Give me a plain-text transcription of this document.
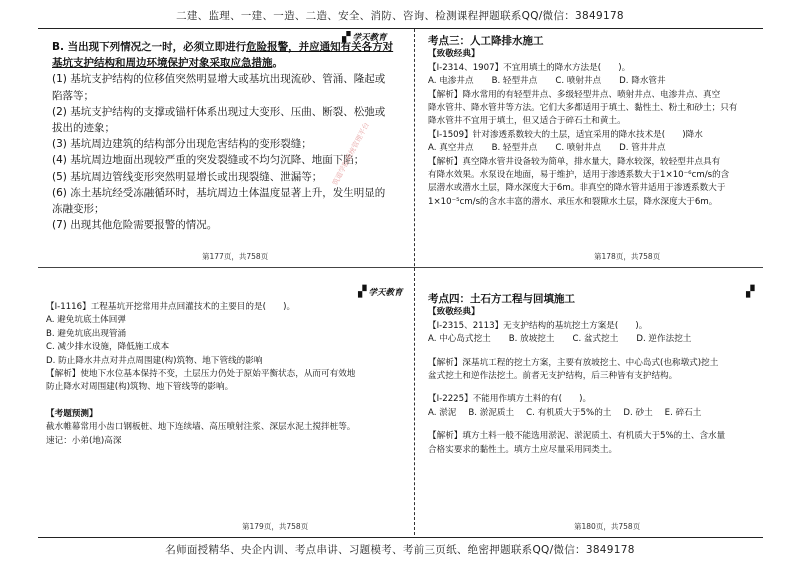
二建、监理、一建、一造、二造、安全、消防、咨询、检测课程押题联系QQ/微信：3849178
▞ 学天教育

B. 当出现下列情况之一时，必须立即进行危险报警，并应通知有关各方对

基坑支护结构和周边环境保护对象采取应急措施。

(1) 基坑支护结构的位移值突然明显增大或基坑出现流砂、管涌、隆起或

陷落等；

(2) 基坑支护结构的支撑或锚杆体系出现过大变形、压曲、断裂、松弛或

拔出的迹象；

(3) 基坑周边建筑的结构部分出现危害结构的变形裂缝；

(4) 基坑周边地面出现较严重的突发裂缝或不均匀沉降、地面下陷；

(5) 基坑周边管线变形突然明显增长或出现裂缝、泄漏等；

(6) 冻土基坑经受冻融循环时，基坑周边土体温度显著上升，发生明显的

冻融变形；

(7) 出现其他危险需要报警的情况。

第177页，共758页

考点三：人工降排水施工

【致敬经典】

【Ⅰ-2314、1907】不宜用填土的降水方法是(　　)。

A. 电渗井点 B. 轻型井点 C. 喷射井点 D. 降水管井

【解析】降水常用的有轻型井点、多级轻型井点、喷射井点、电渗井点、真空

降水管井、降水管井等方法。它们大多都适用于填土、黏性土、粉土和砂土；只有

降水管井不宜用于填土，但又适合于碎石土和黄土。

【Ⅰ-1509】针对渗透系数较大的土层，适宜采用的降水技术是(　　)降水

A. 真空井点 B. 轻型井点 C. 喷射井点 D. 管井井点

【解析】真空降水管井设备较为简单，排水量大，降水较深，较轻型井点具有

有降水效果。水泵设在地面，易于维护，适用于渗透系数大于1×10⁻⁶cm/s的含

层潜水或潜水土层，降水深度大于6m。非真空的降水管井适用于渗透系数大于

1×10⁻⁵cm/s的含水丰富的潜水、承压水和裂隙水土层，降水深度大于6m。

第178页，共758页
▞ 学天教育

【Ⅰ-1116】工程基坑开挖常用井点回灌技术的主要目的是(　　)。

A. 避免坑底土体回弹

B. 避免坑底出现管涌

C. 减少排水设施，降低施工成本

D. 防止降水井点对井点周围建(构)筑物、地下管线的影响

【解析】使地下水位基本保持不变，土层压力仍处于原始平衡状态，从而可有效地

防止降水对周围建(构)筑物、地下管线等的影响。

【考题预测】

截水帷幕常用小齿口钢板桩、地下连续墙、高压喷射注浆、深层水泥土搅拌桩等。

速记：小弟(地)高深

第179页，共758页
▞

考点四：土石方工程与回填施工

【致敬经典】

【Ⅰ-2315、2113】无支护结构的基坑挖土方案是(　　)。

A. 中心岛式挖土 B. 放坡挖土 C. 盆式挖土 D. 逆作法挖土

【解析】深基坑工程的挖土方案，主要有放坡挖土、中心岛式(也称墩式)挖土

盆式挖土和逆作法挖土。前者无支护结构，后三种皆有支护结构。

【Ⅰ-2225】不能用作填方土料的有(　　)。

A. 淤泥 B. 淤泥质土 C. 有机质大于5%的土 D. 砂土 E. 碎石土

【解析】填方土料一般不能选用淤泥、淤泥质土、有机质大于5%的土、含水量

合格实要求的黏性土。填方土应尽量采用同类土。

第180页，共758页
筑道学院系统管理平台
名师面授精华、央企内训、考点串讲、习题模考、考前三页纸、绝密押题联系QQ/微信：3849178
